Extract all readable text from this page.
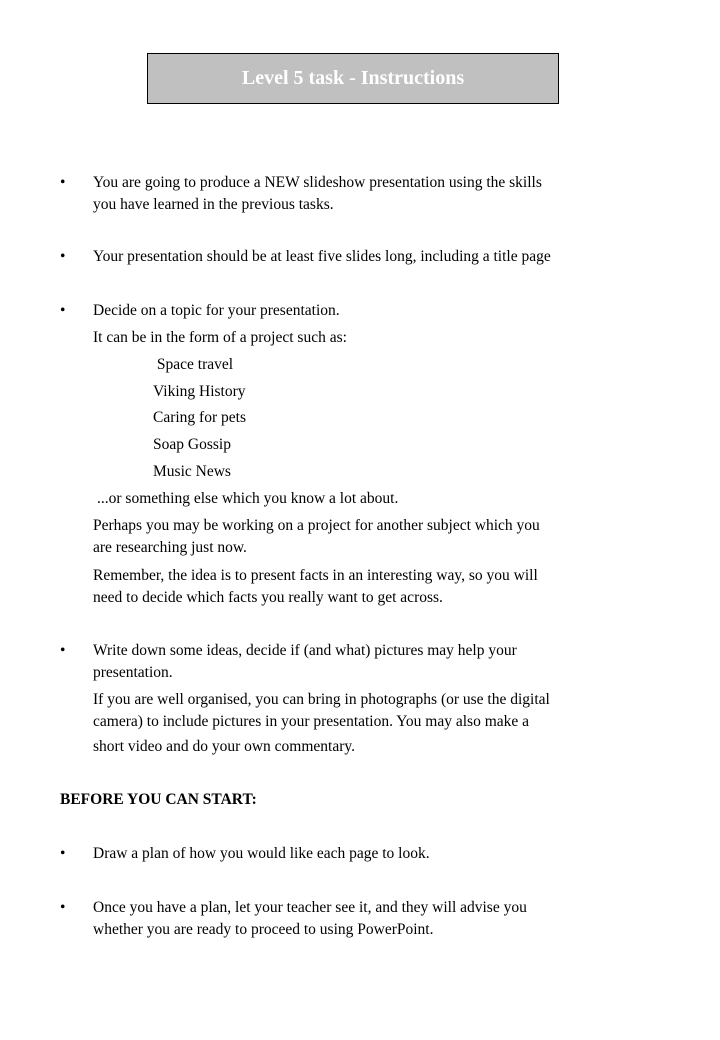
Level 5 task - Instructions
• You are going to produce a NEW slideshow presentation using the skills
you have learned in the previous tasks.
• Your presentation should be at least five slides long, including a title page
• Decide on a topic for your presentation.
It can be in the form of a project such as:
Space travel
Viking History
Caring for pets
Soap Gossip
Music News
...or something else which you know a lot about.
Perhaps you may be working on a project for another subject which you
are researching just now.
Remember, the idea is to present facts in an interesting way, so you will
need to decide which facts you really want to get across.
• Write down some ideas, decide if (and what) pictures may help your
presentation.
If you are well organised, you can bring in photographs (or use the digital
camera) to include pictures in your presentation. You may also make a
short video and do your own commentary.
BEFORE YOU CAN START:
• Draw a plan of how you would like each page to look.
• Once you have a plan, let your teacher see it, and they will advise you
whether you are ready to proceed to using PowerPoint.
